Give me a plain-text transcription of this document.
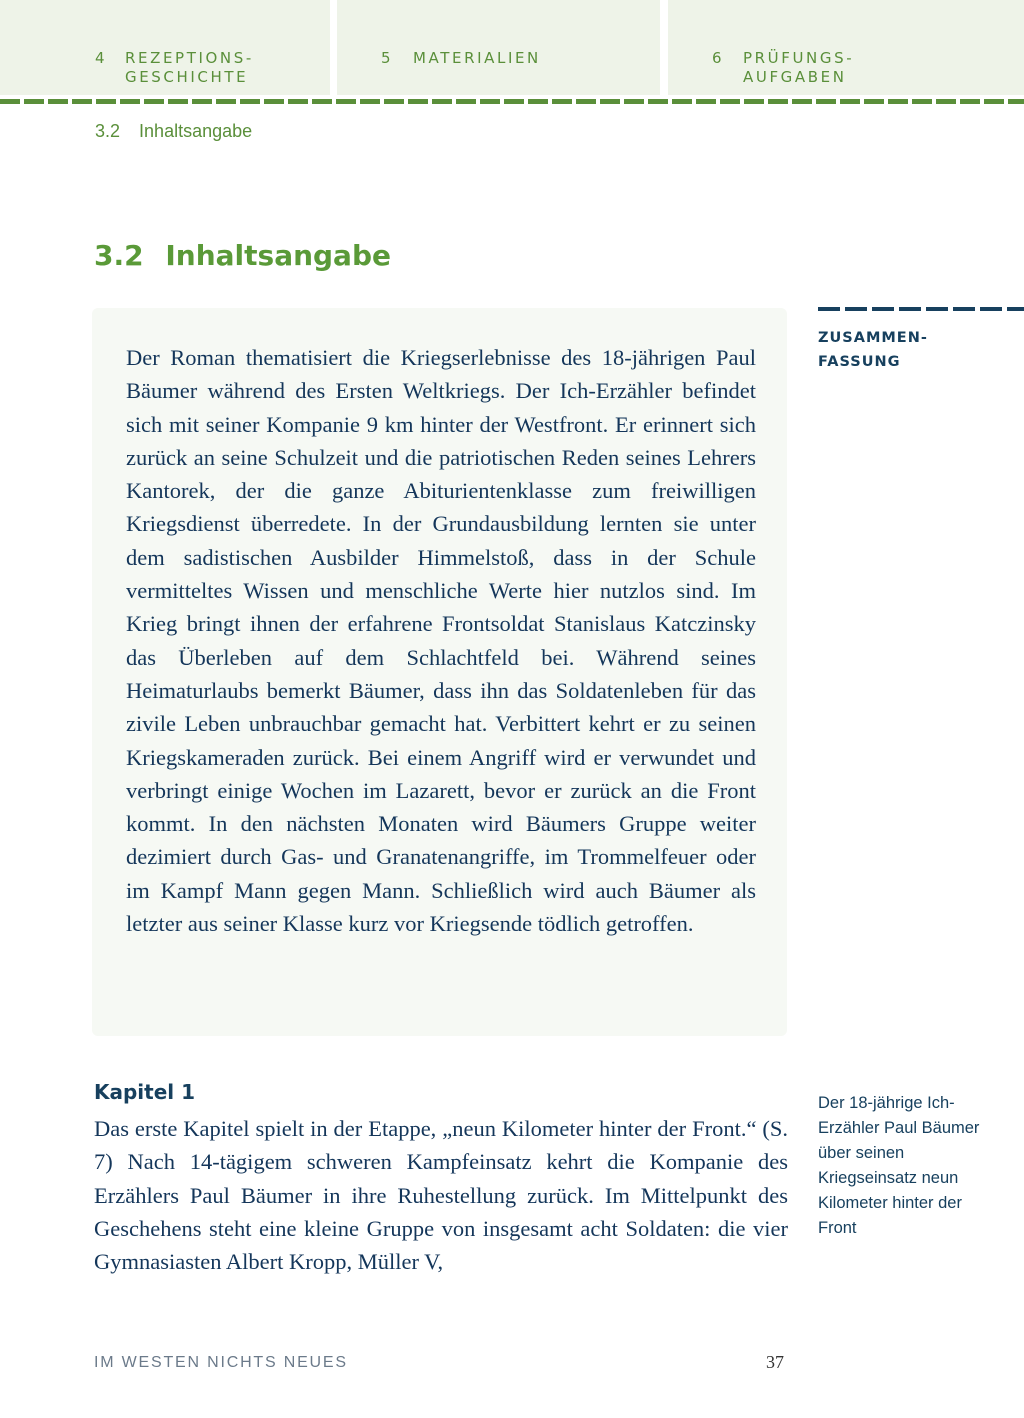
4 REZEPTIONS-
GESCHICHTE
5 MATERIALIEN	6 PRÜFUNGS-
AUFGABEN
3.2 Inhaltsangabe
3.2 Inhaltsangabe
Der Roman thematisiert die Kriegserlebnisse des 18-jährigen Paul Bäumer während des Ersten Weltkriegs. Der Ich-Erzähler befindet sich mit seiner Kompanie 9 km hinter der Westfront. Er erinnert sich zurück an seine Schulzeit und die patriotischen Reden seines Lehrers Kantorek, der die ganze Abiturientenklasse zum freiwilligen Kriegsdienst überredete. In der Grundausbildung lernten sie unter dem sadistischen Ausbilder Himmelstoß, dass in der Schule vermitteltes Wissen und menschliche Werte hier nutzlos sind. Im Krieg bringt ihnen der erfahrene Frontsoldat Stanislaus Katczinsky das Überleben auf dem Schlachtfeld bei. Während seines Heimaturlaubs bemerkt Bäumer, dass ihn das Soldatenleben für das zivile Leben unbrauchbar gemacht hat. Verbittert kehrt er zu seinen Kriegskameraden zurück. Bei einem Angriff wird er verwundet und verbringt einige Wochen im Lazarett, bevor er zurück an die Front kommt. In den nächsten Monaten wird Bäumers Gruppe weiter dezimiert durch Gas- und Granatenangriffe, im Trommelfeuer oder im Kampf Mann gegen Mann. Schließlich wird auch Bäumer als letzter aus seiner Klasse kurz vor Kriegsende tödlich getroffen.
ZUSAMMEN-
FASSUNG
Kapitel 1
Das erste Kapitel spielt in der Etappe, „neun Kilometer hinter der Front.“ (S. 7) Nach 14-tägigem schweren Kampfeinsatz kehrt die Kompanie des Erzählers Paul Bäumer in ihre Ruhestellung zurück. Im Mittelpunkt des Geschehens steht eine kleine Gruppe von insgesamt acht Soldaten: die vier Gymnasiasten Albert Kropp, Müller V,
Der 18-jährige Ich-Erzähler Paul Bäumer über seinen Kriegseinsatz neun Kilometer hinter der Front
IM WESTEN NICHTS NEUES	37
